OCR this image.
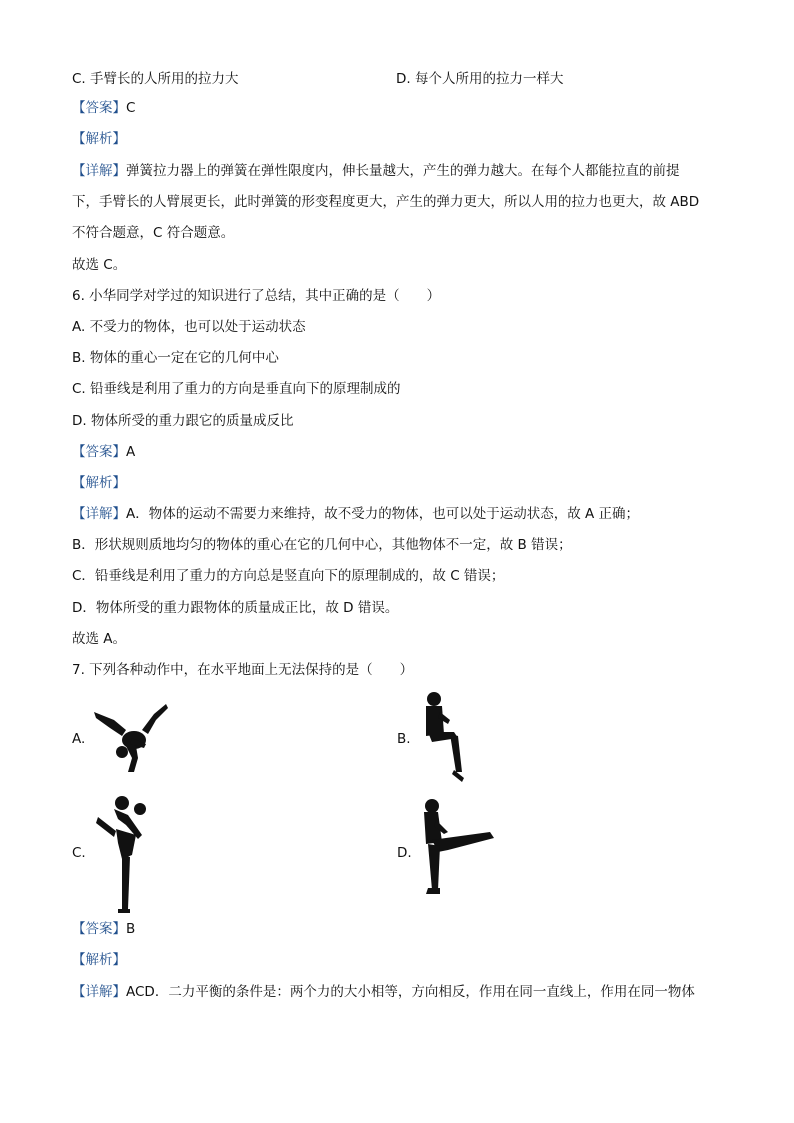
C. 手臂长的人所用的拉力大	D. 每个人所用的拉力一样大
【答案】C
【解析】
【详解】弹簧拉力器上的弹簧在弹性限度内，伸长量越大，产生的弹力越大。在每个人都能拉直的前提
下，手臂长的人臂展更长，此时弹簧的形变程度更大，产生的弹力更大，所以人用的拉力也更大，故 ABD
不符合题意，C 符合题意。
故选 C。
6. 小华同学对学过的知识进行了总结，其中正确的是（　　）
A. 不受力的物体，也可以处于运动状态
B. 物体的重心一定在它的几何中心
C. 铅垂线是利用了重力的方向是垂直向下的原理制成的
D. 物体所受的重力跟它的质量成反比
【答案】A
【解析】
【详解】A．物体的运动不需要力来维持，故不受力的物体，也可以处于运动状态，故 A 正确；
B．形状规则质地均匀的物体的重心在它的几何中心，其他物体不一定，故 B 错误；
C．铅垂线是利用了重力的方向总是竖直向下的原理制成的，故 C 错误；
D．物体所受的重力跟物体的质量成正比，故 D 错误。
故选 A。
7. 下列各种动作中，在水平地面上无法保持的是（　　）
A.	B.
C.	D.
【答案】B
【解析】
【详解】ACD．二力平衡的条件是：两个力的大小相等，方向相反，作用在同一直线上，作用在同一物体
